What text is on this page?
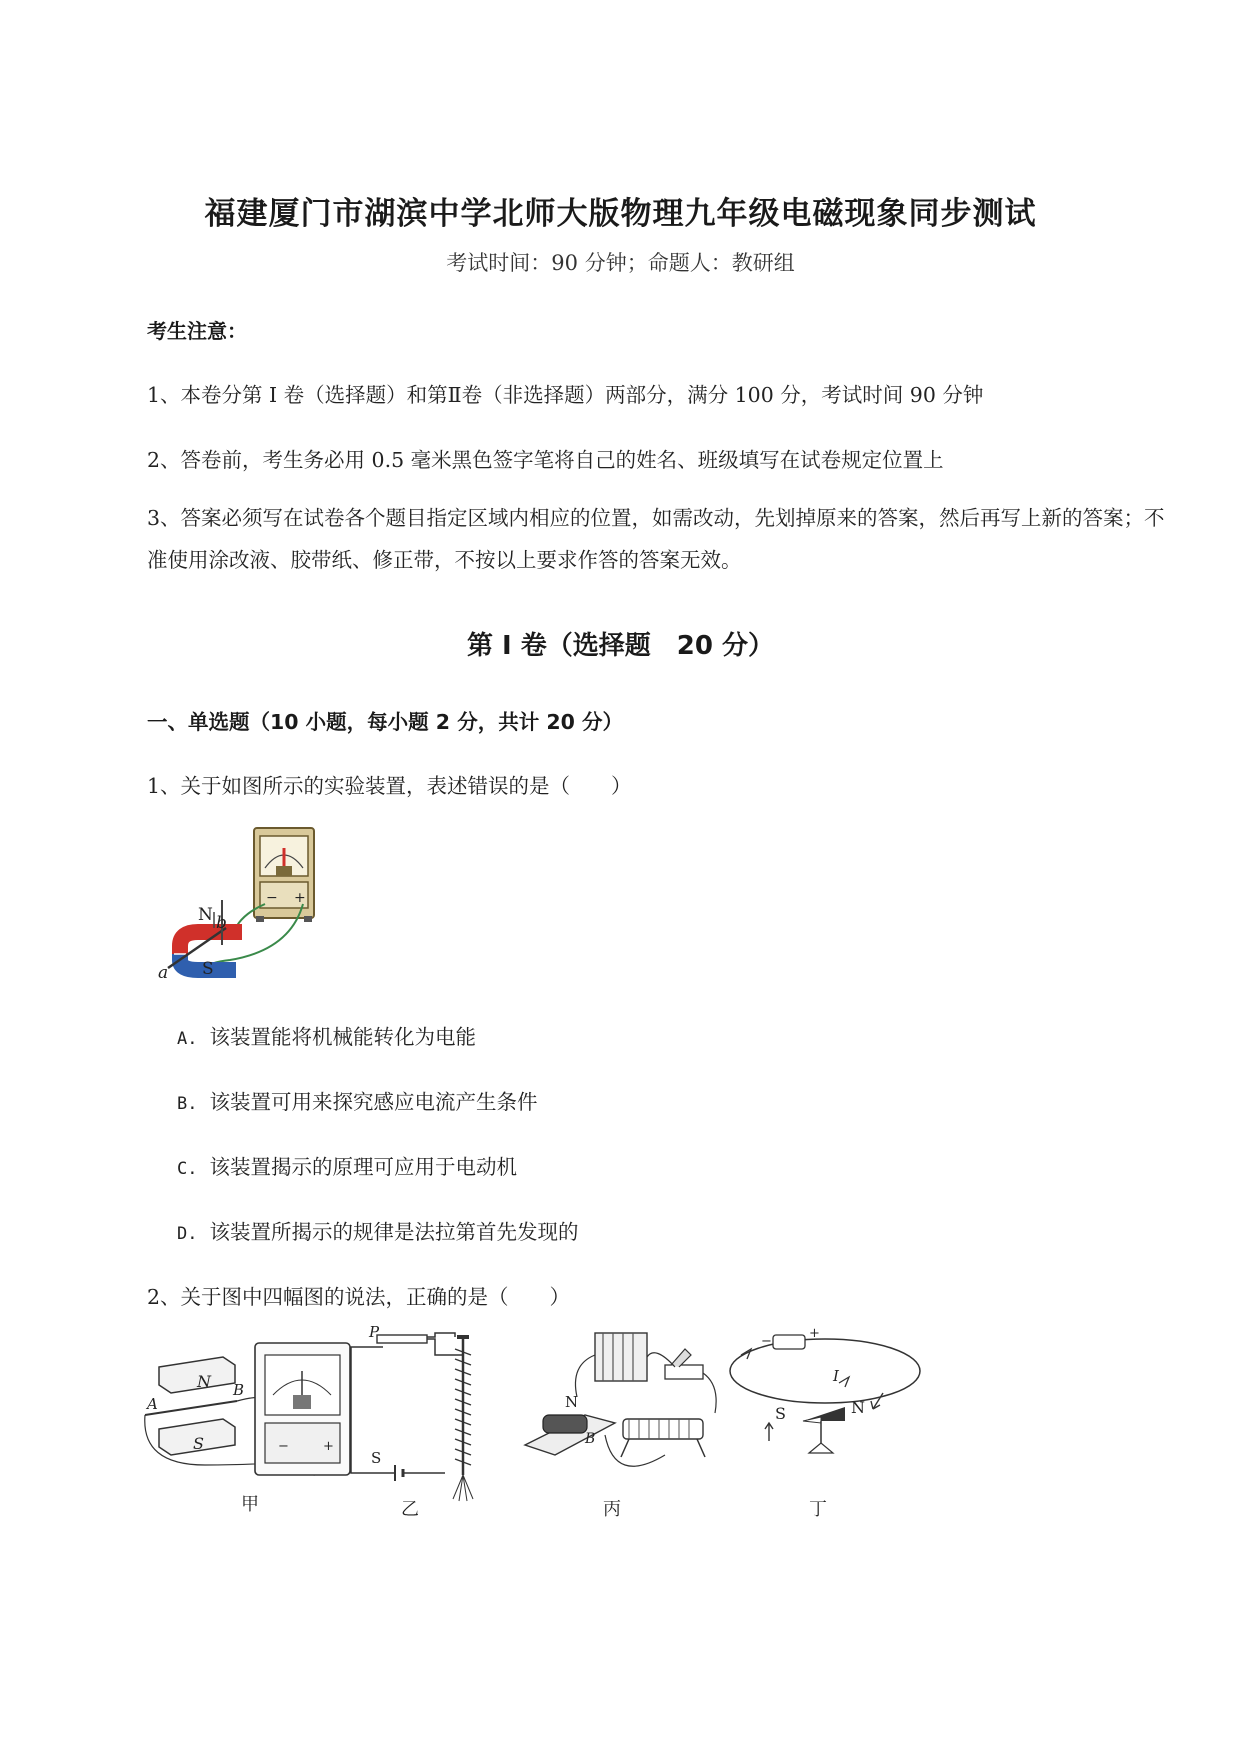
福建厦门市湖滨中学北师大版物理九年级电磁现象同步测试
考试时间：90 分钟；命题人：教研组
考生注意：
1、本卷分第 I 卷（选择题）和第Ⅱ卷（非选择题）两部分，满分 100 分，考试时间 90 分钟
2、答卷前，考生务必用 0.5 毫米黑色签字笔将自己的姓名、班级填写在试卷规定位置上
3、答案必须写在试卷各个题目指定区域内相应的位置，如需改动，先划掉原来的答案，然后再写上新的答案；不准使用涂改液、胶带纸、修正带，不按以上要求作答的答案无效。
第 I 卷（选择题　20 分）
一、单选题（10 小题，每小题 2 分，共计 20 分）
1、关于如图所示的实验装置，表述错误的是（　　）
− +
N b
a S
A. 该装置能将机械能转化为电能
B. 该装置可用来探究感应电流产生条件
C. 该装置揭示的原理可应用于电动机
D. 该装置所揭示的规律是法拉第首先发现的
2、关于图中四幅图的说法，正确的是（　　）
N
S
A
B
−	+
甲
P
S
乙
N
B
丙
−
+
I
S	N
丁
